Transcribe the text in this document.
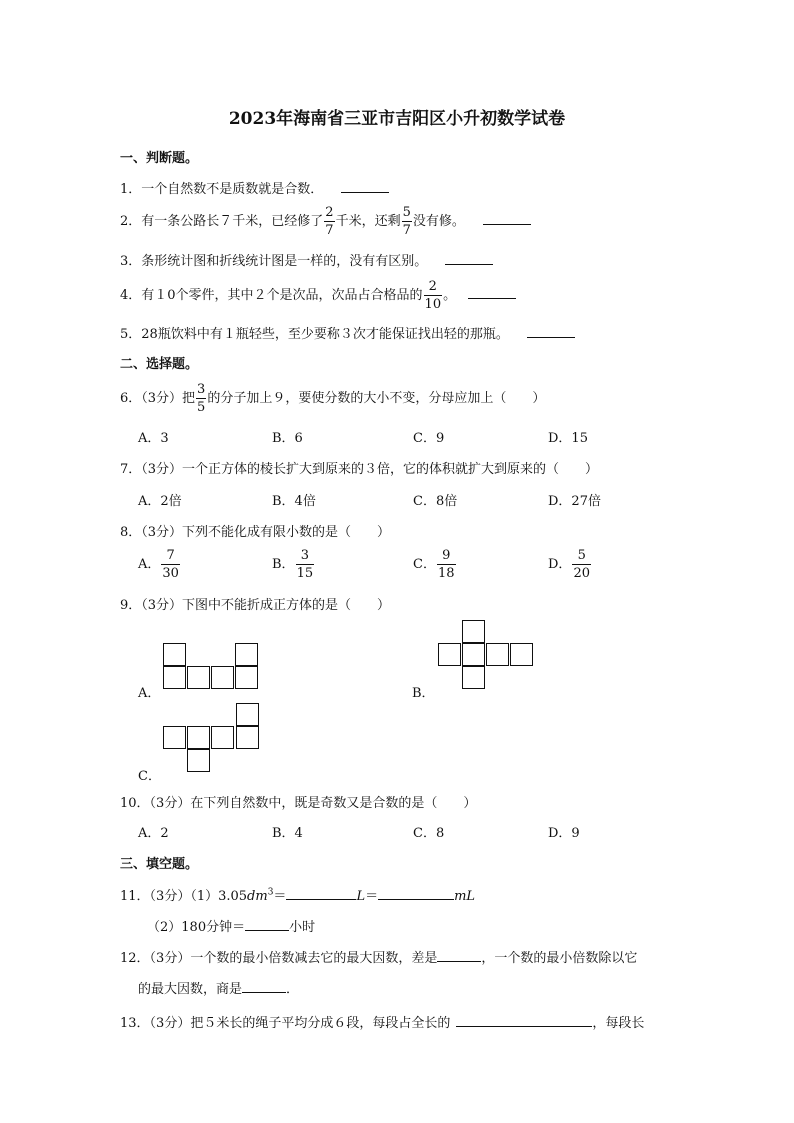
2023年海南省三亚市吉阳区小升初数学试卷
一、判断题。
1．一个自然数不是质数就是合数．
2．有一条公路长７千米，已经修了 $\frac{2}{7}$ 千米，还剩 $\frac{5}{7}$ 没有修。
3．条形统计图和折线统计图是一样的，没有有区别。
4．有１0个零件，其中２个是次品，次品占合格品的 $\frac{2}{10}$ 。
5．28瓶饮料中有１瓶轻些，至少要称３次才能保证找出轻的那瓶。
二、选择题。
6．（3分）把 $\frac{3}{5}$ 的分子加上９，要使分数的大小不变，分母应加上（　　）
A．3	B．6	C．9	D．15
7．（3分）一个正方体的棱长扩大到原来的３倍，它的体积就扩大到原来的（　　）
A．2倍	B．4倍	C．8倍	D．27倍
8．（3分）下列不能化成有限小数的是（　　）
A． $\frac{7}{30}$	B． $\frac{3}{15}$	C． $\frac{9}{18}$	D． $\frac{5}{20}$
9．（3分）下图中不能折成正方体的是（　　）
A．	B．
C．
10．（3分）在下列自然数中，既是奇数又是合数的是（　　）
A．2	B．4	C．8	D．9
三、填空题。
11．（3分）$(1)3.05dm^3=$	L＝	mL
（2）180分钟＝	小时
12．（3分）一个数的最小倍数减去它的最大因数，差是	，一个数的最小倍数除以它
的最大因数，商是	．
13．（3分）把５米长的绳子平均分成６段，每段占全长的	，每段长
